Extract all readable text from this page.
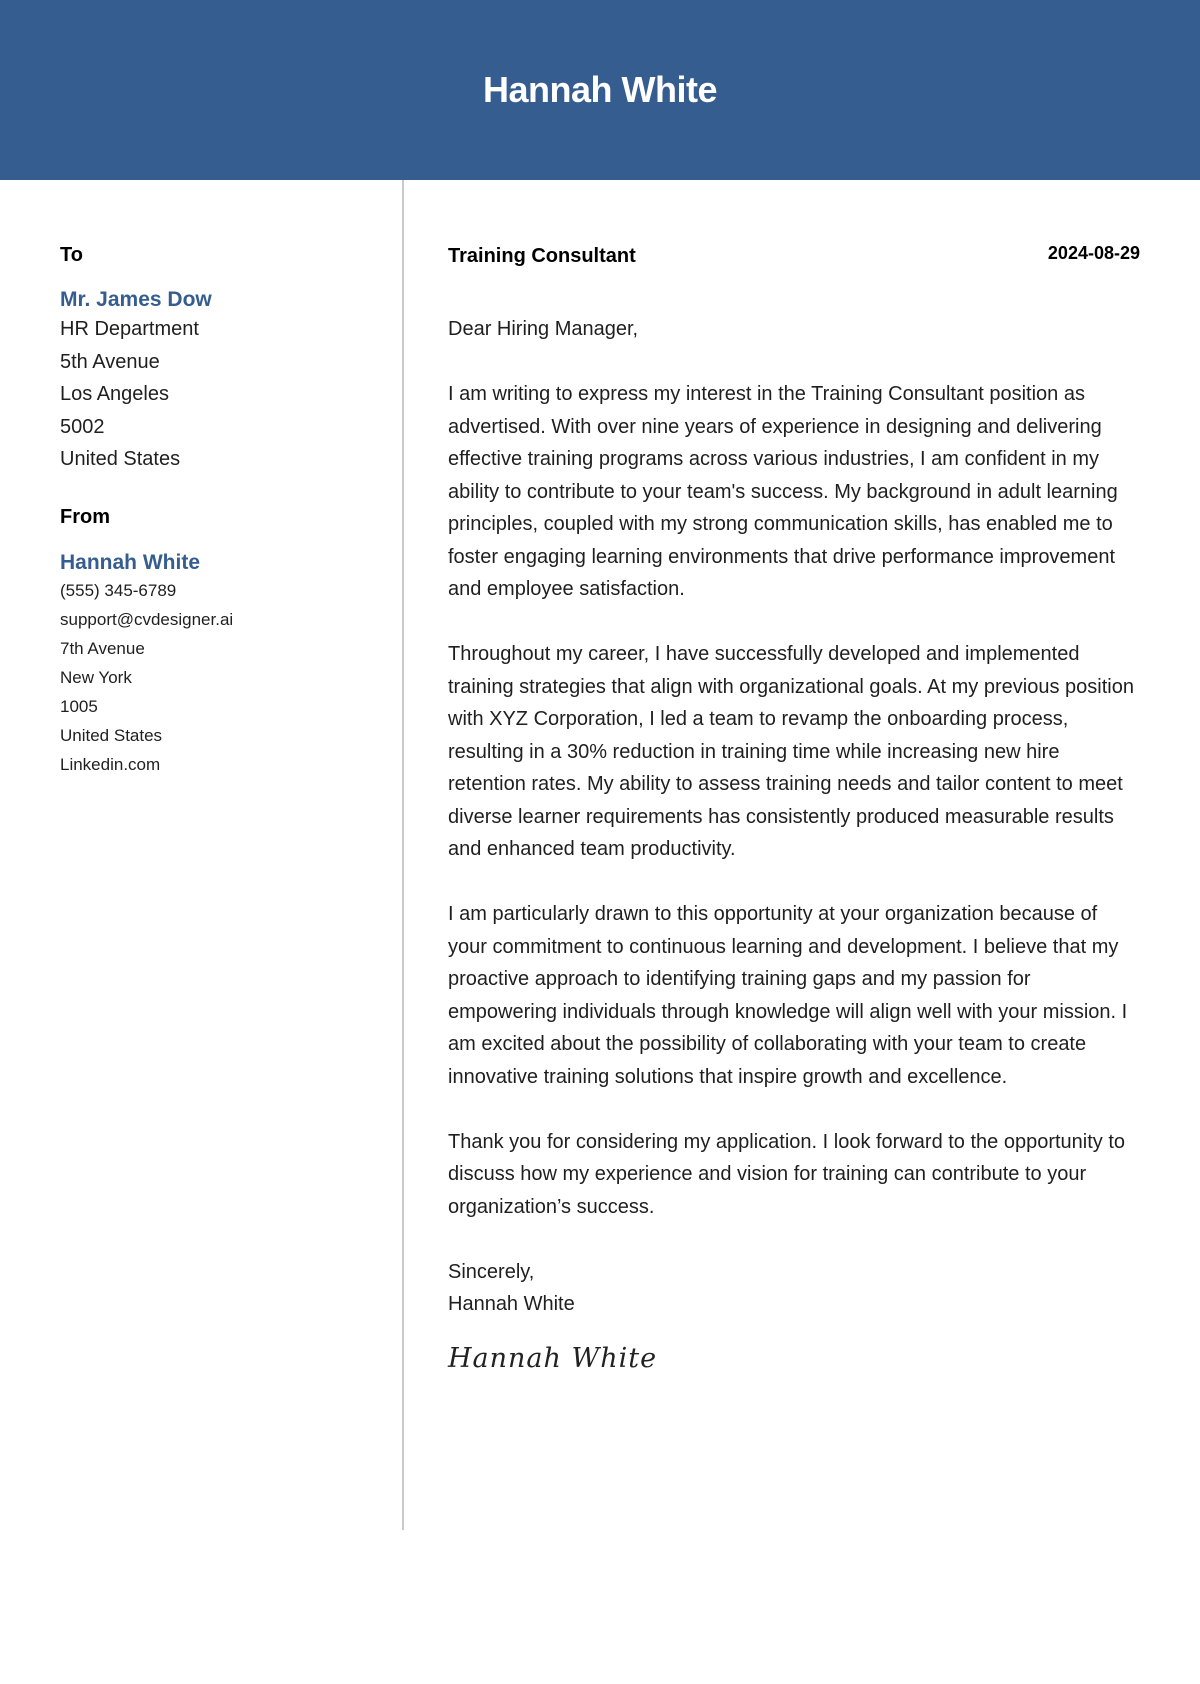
Hannah White
To
Mr. James Dow
HR Department
5th Avenue
Los Angeles
5002
United States
From
Hannah White
(555) 345-6789
support@cvdesigner.ai
7th Avenue
New York
1005
United States
Linkedin.com
Training Consultant	2024-08-29
Dear Hiring Manager,

I am writing to express my interest in the Training Consultant position as advertised. With over nine years of experience in designing and delivering effective training programs across various industries, I am confident in my ability to contribute to your team's success. My background in adult learning principles, coupled with my strong communication skills, has enabled me to foster engaging learning environments that drive performance improvement and employee satisfaction.

Throughout my career, I have successfully developed and implemented training strategies that align with organizational goals. At my previous position with XYZ Corporation, I led a team to revamp the onboarding process, resulting in a 30% reduction in training time while increasing new hire retention rates. My ability to assess training needs and tailor content to meet diverse learner requirements has consistently produced measurable results and enhanced team productivity.

I am particularly drawn to this opportunity at your organization because of your commitment to continuous learning and development. I believe that my proactive approach to identifying training gaps and my passion for empowering individuals through knowledge will align well with your mission. I am excited about the possibility of collaborating with your team to create innovative training solutions that inspire growth and excellence.

Thank you for considering my application. I look forward to the opportunity to discuss how my experience and vision for training can contribute to your organization’s success.

Sincerely,
Hannah White
Hannah White
